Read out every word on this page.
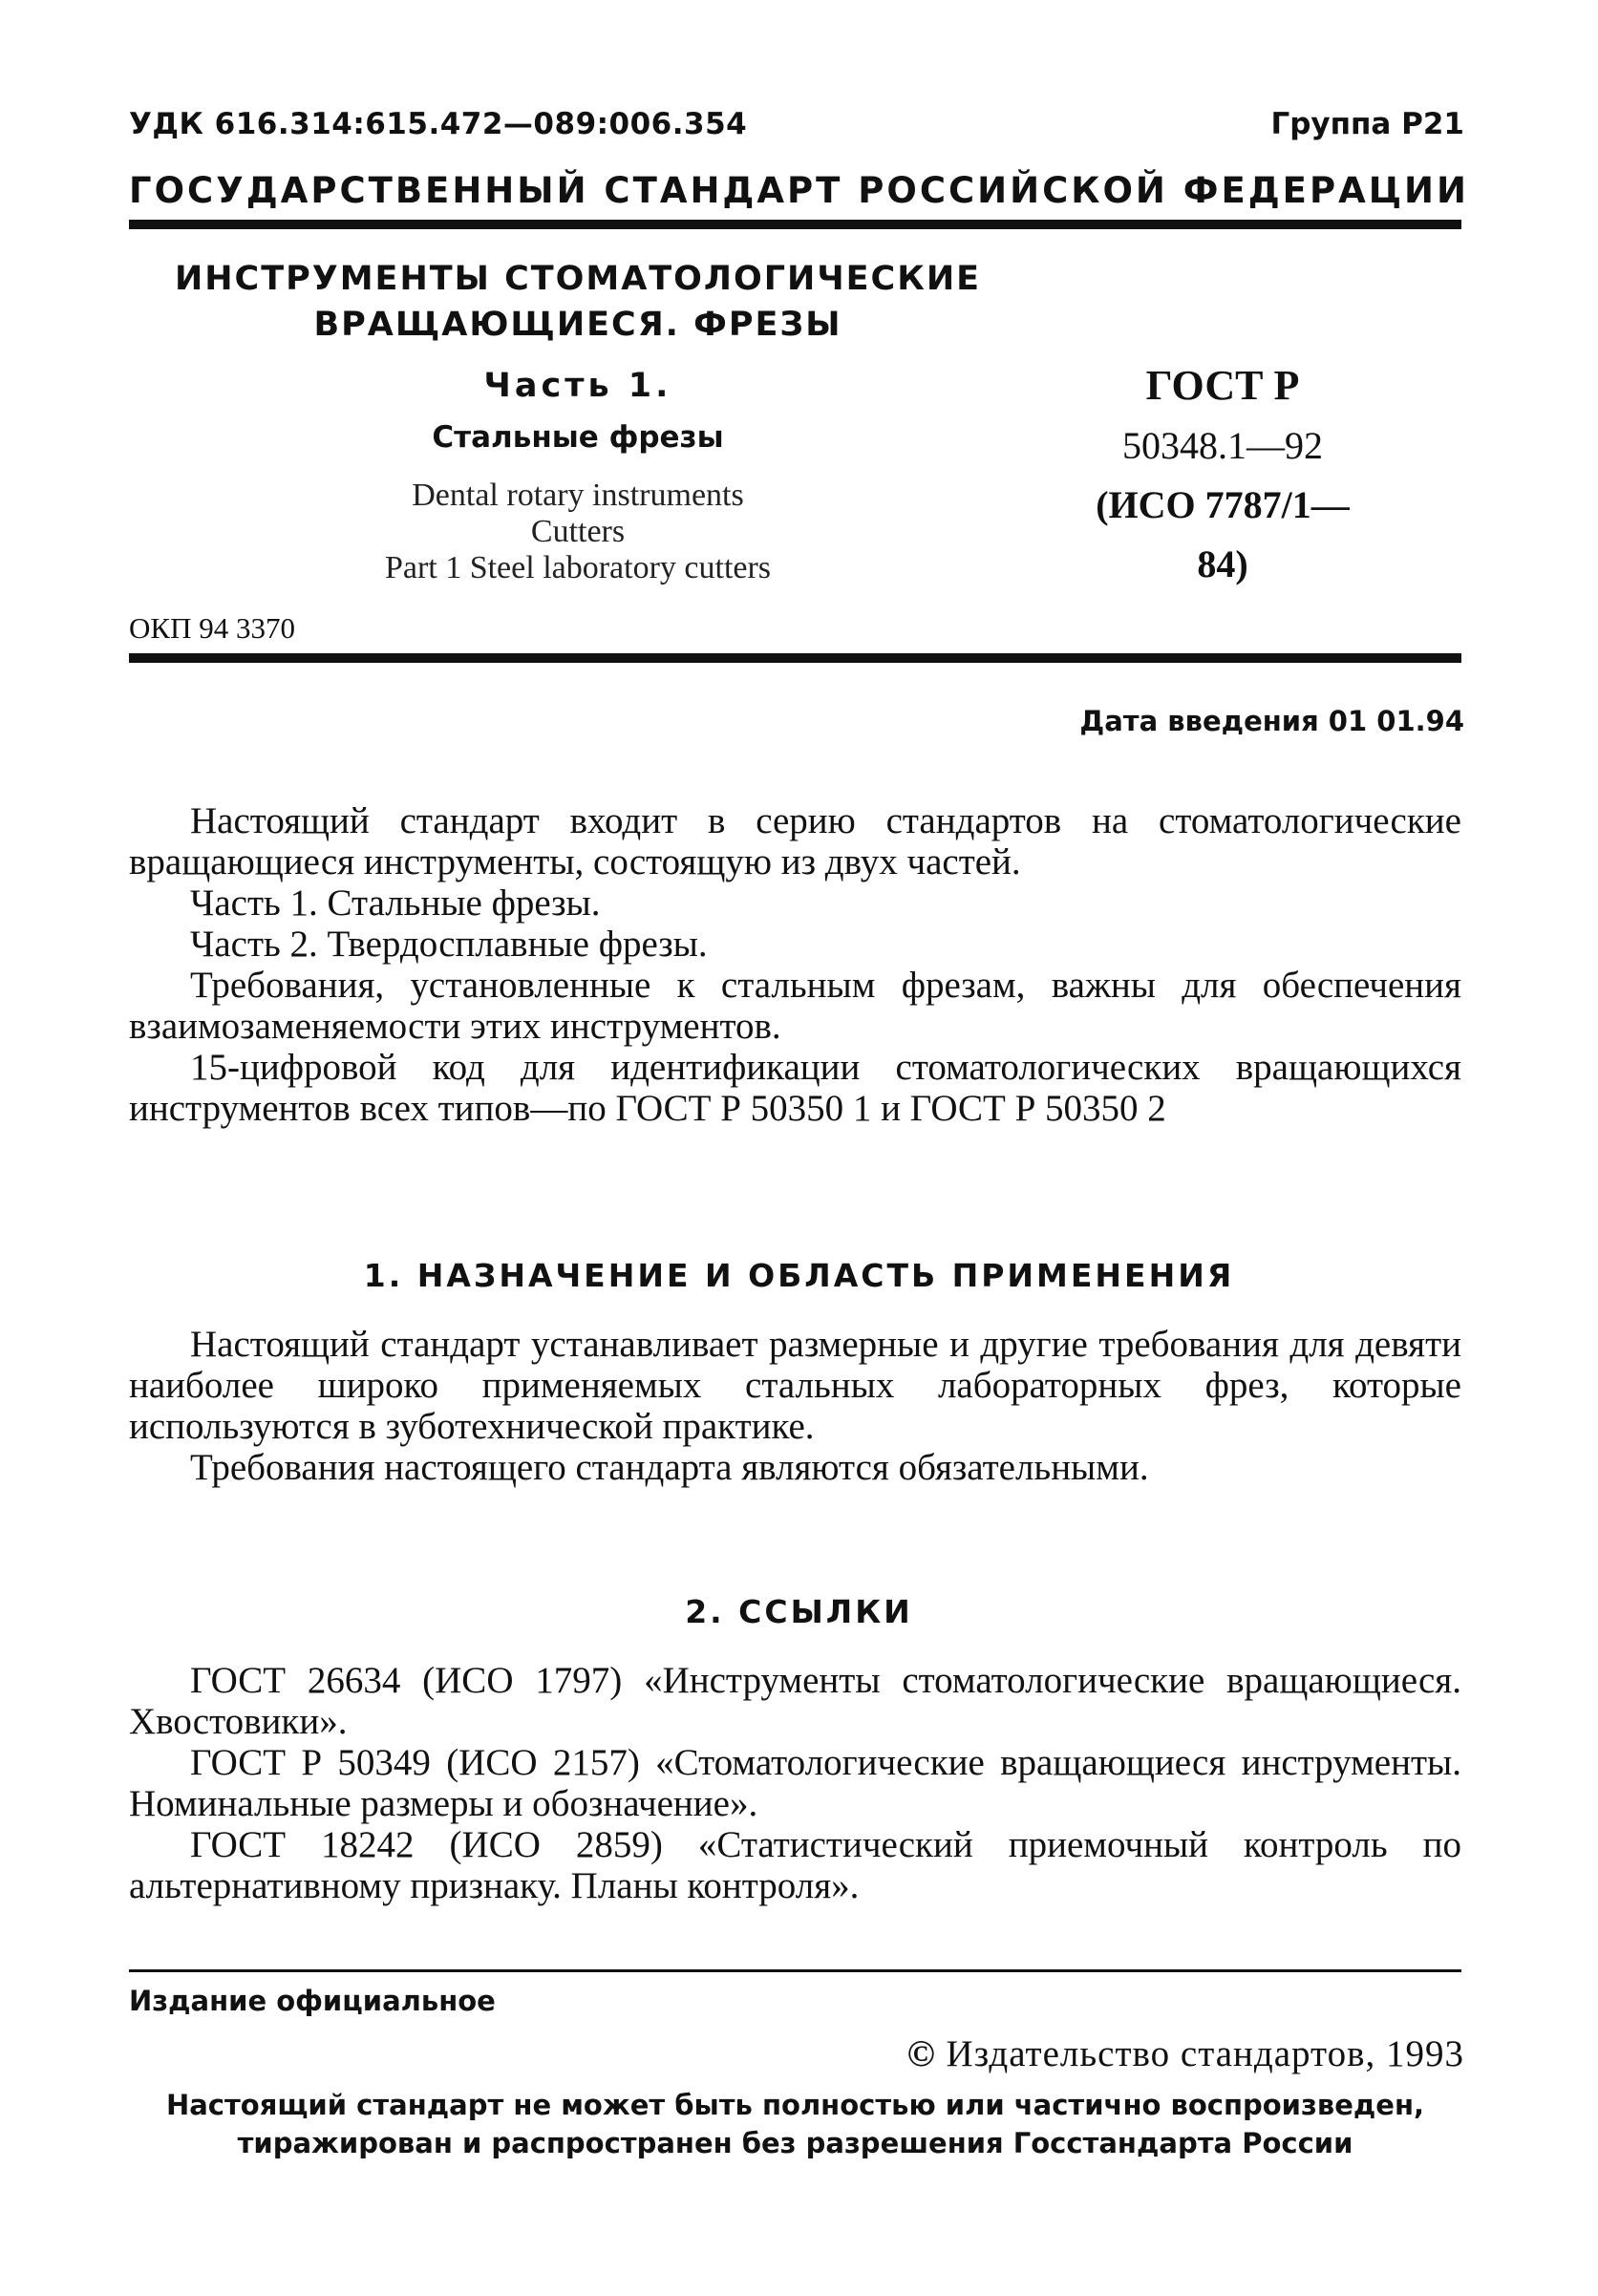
УДК 616.314:615.472—089:006.354	Группа Р21
ГОСУДАРСТВЕННЫЙ СТАНДАРТ РОССИЙСКОЙ ФЕДЕРАЦИИ
ИНСТРУМЕНТЫ СТОМАТОЛОГИЧЕСКИЕ
ВРАЩАЮЩИЕСЯ. ФРЕЗЫ
Часть 1.
Стальные фрезы
Dental rotary instruments
Cutters
Part 1 Steel laboratory cutters
ГОСТ Р
50348.1—92
(ИСО 7787/1—84)
ОКП 94 3370
Дата введения 01 01.94

Настоящий стандарт входит в серию стандартов на стоматологические вращающиеся инструменты, состоящую из двух частей.

Часть 1. Стальные фрезы.

Часть 2. Твердосплавные фрезы.

Требования, установленные к стальным фрезам, важны для обеспечения взаимозаменяемости этих инструментов.

15-цифровой код для идентификации стоматологических вращающихся инструментов всех типов—по ГОСТ Р 50350 1 и ГОСТ Р 50350 2

1. НАЗНАЧЕНИЕ И ОБЛАСТЬ ПРИМЕНЕНИЯ

Настоящий стандарт устанавливает размерные и другие требования для девяти наиболее широко применяемых стальных лабораторных фрез, которые используются в зуботехнической практике.

Требования настоящего стандарта являются обязательными.

2. ССЫЛКИ

ГОСТ 26634 (ИСО 1797) «Инструменты стоматологические вращающиеся. Хвостовики».

ГОСТ Р 50349 (ИСО 2157) «Стоматологические вращающиеся инструменты. Номинальные размеры и обозначение».

ГОСТ 18242 (ИСО 2859) «Статистический приемочный контроль по альтернативному признаку. Планы контроля».

Издание официальное
© Издательство стандартов, 1993
Настоящий стандарт не может быть полностью или частично воспроизведен,
тиражирован и распространен без разрешения Госстандарта России
